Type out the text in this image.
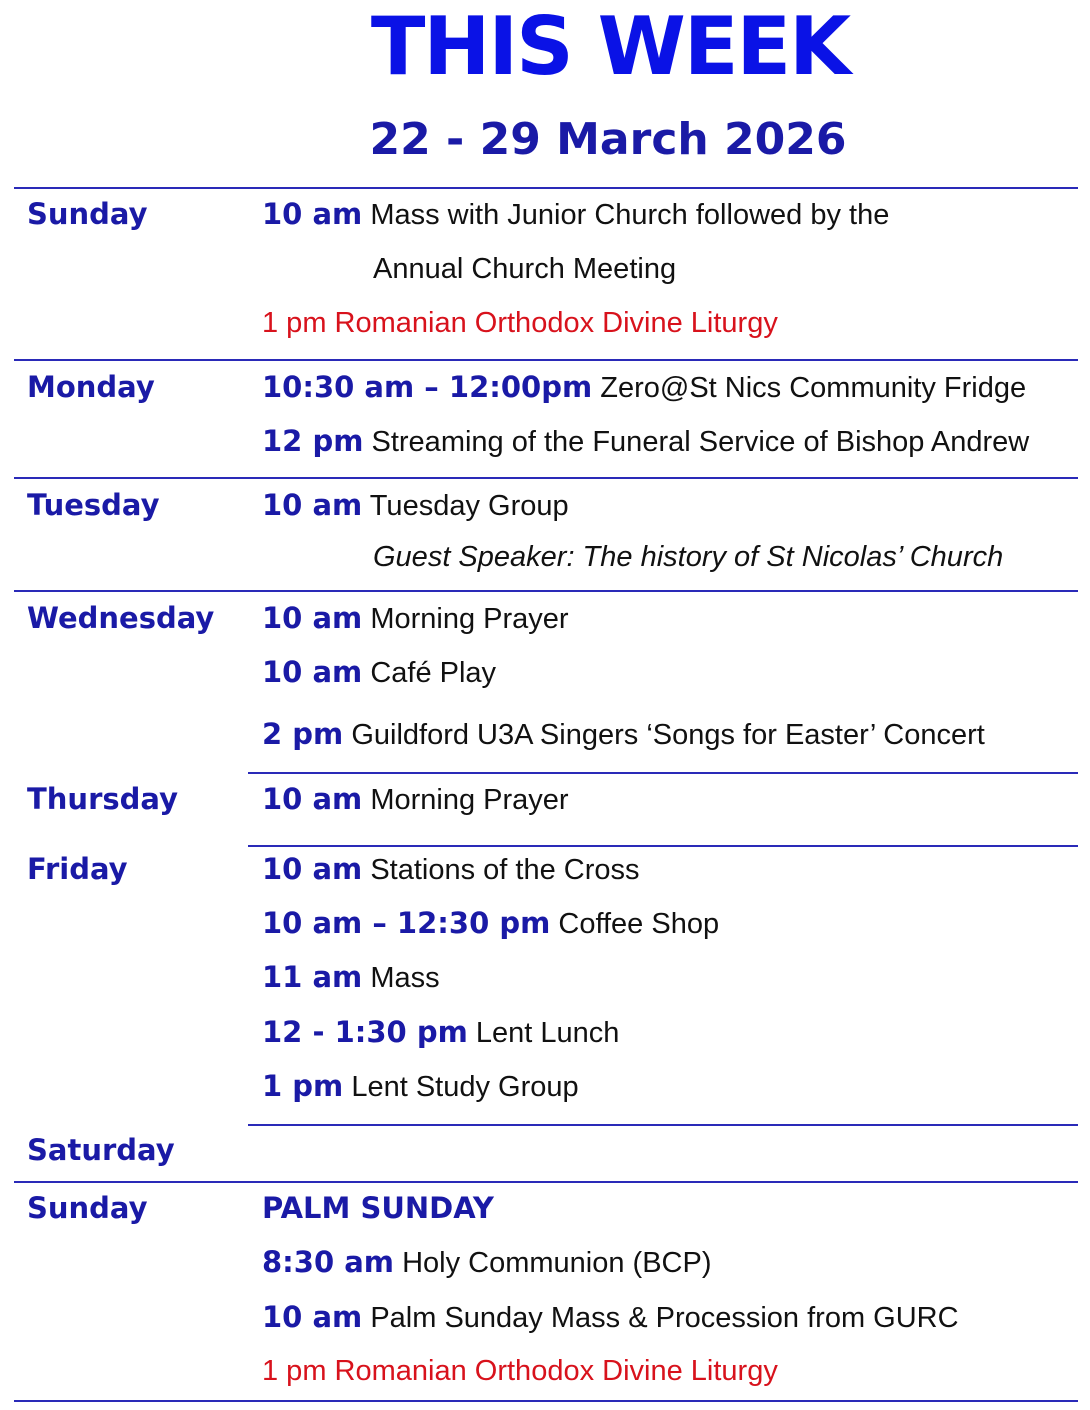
THIS WEEK
22 - 29 March 2026
Sunday	10 am Mass with Junior Church followed by the
Annual Church Meeting
1 pm Romanian Orthodox Divine Liturgy
Monday	10:30 am – 12:00pm Zero@St Nics Community Fridge
12 pm Streaming of the Funeral Service of Bishop Andrew
Tuesday	10 am Tuesday Group
Guest Speaker: The history of St Nicolas’ Church
Wednesday 10 am Morning Prayer
10 am Café Play
2 pm Guildford U3A Singers ‘Songs for Easter’ Concert
Thursday	10 am Morning Prayer
Friday	10 am Stations of the Cross
10 am – 12:30 pm Coffee Shop
11 am Mass
12 - 1:30 pm Lent Lunch
1 pm Lent Study Group
Saturday
Sunday	PALM SUNDAY
8:30 am Holy Communion (BCP)
10 am Palm Sunday Mass & Procession from GURC
1 pm Romanian Orthodox Divine Liturgy
